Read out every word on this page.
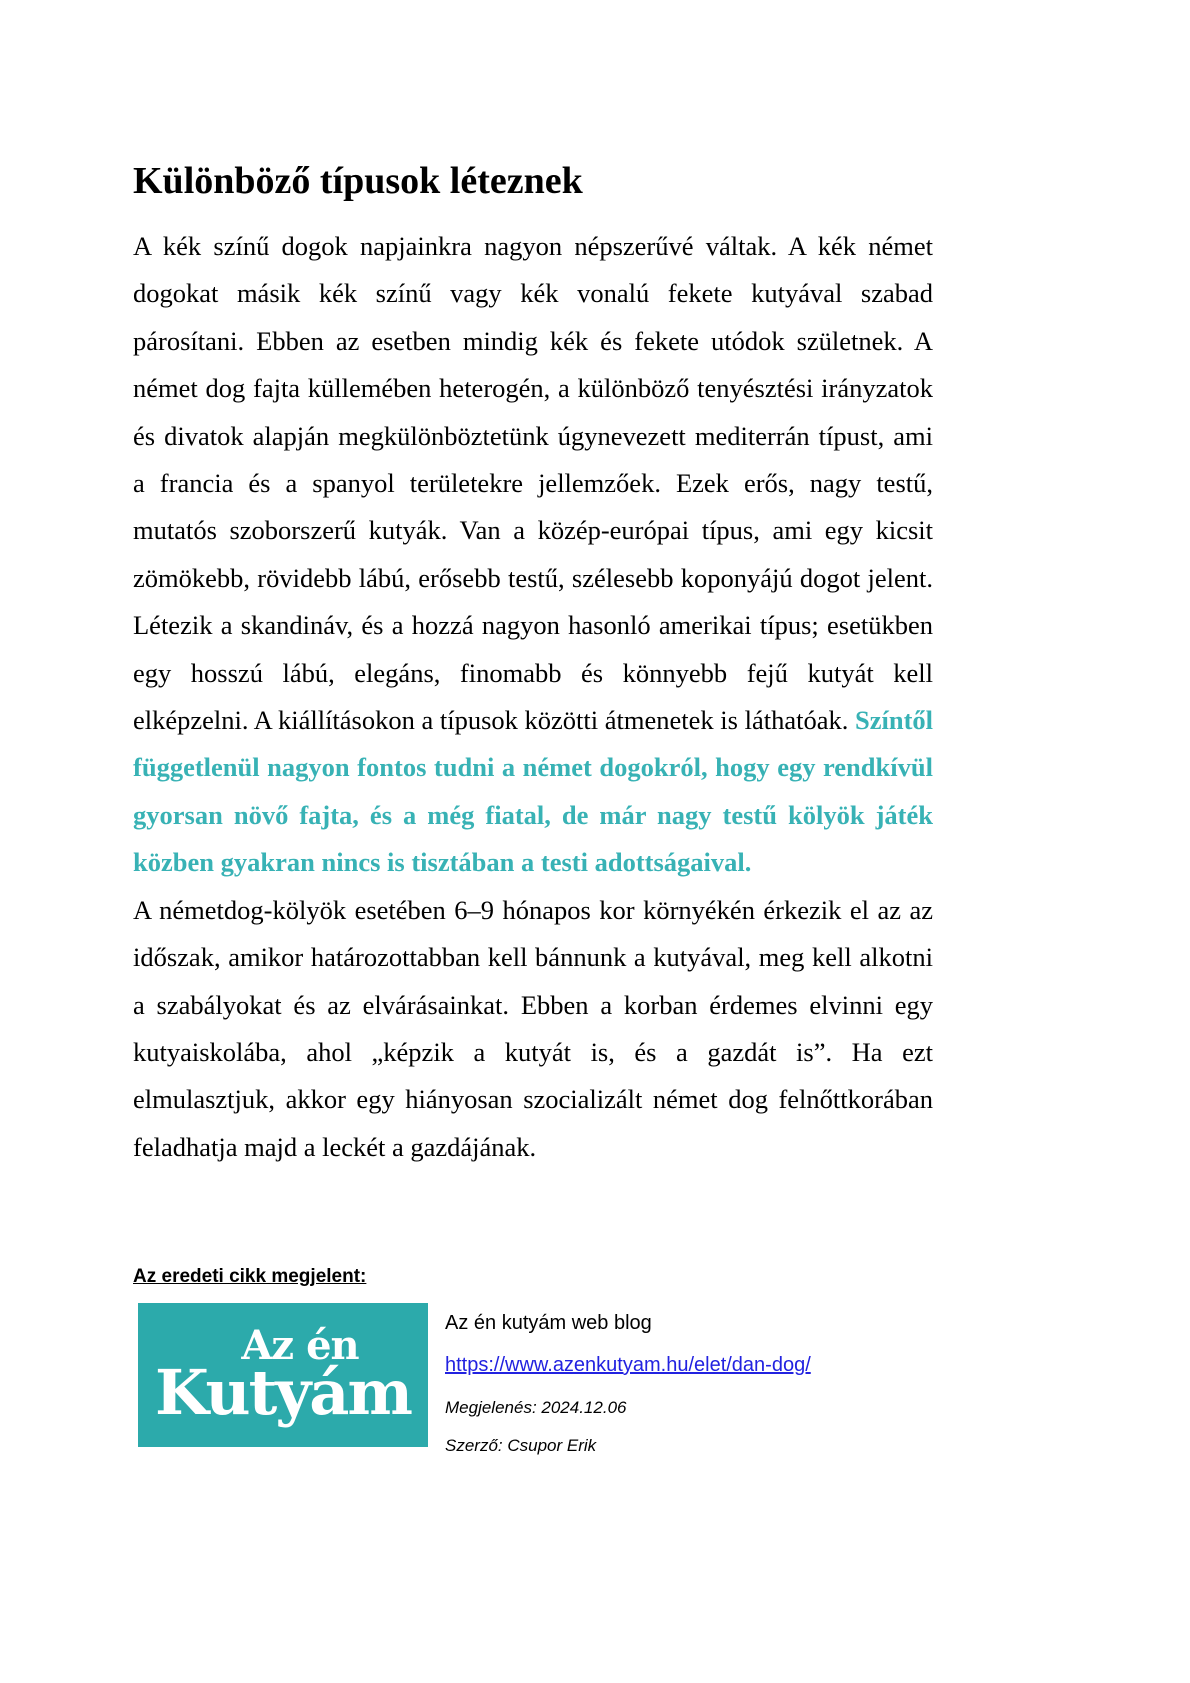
Különböző típusok léteznek

A kék színű dogok napjainkra nagyon népszerűvé váltak. A kék német dogokat másik kék színű vagy kék vonalú fekete kutyával szabad párosítani. Ebben az esetben mindig kék és fekete utódok születnek. A német dog fajta küllemében heterogén, a különböző tenyésztési irányzatok és divatok alapján megkülönböztetünk úgynevezett mediterrán típust, ami a francia és a spanyol területekre jellemzőek. Ezek erős, nagy testű, mutatós szoborszerű kutyák. Van a közép-európai típus, ami egy kicsit zömökebb, rövidebb lábú, erősebb testű, szélesebb koponyájú dogot jelent. Létezik a skandináv, és a hozzá nagyon hasonló amerikai típus; esetükben egy hosszú lábú, elegáns, finomabb és könnyebb fejű kutyát kell elképzelni. A kiállításokon a típusok közötti átmenetek is láthatóak. Színtől függetlenül nagyon fontos tudni a német dogokról, hogy egy rendkívül gyorsan növő fajta, és a még fiatal, de már nagy testű kölyök játék közben gyakran nincs is tisztában a testi adottságaival.

A németdog-kölyök esetében 6–9 hónapos kor környékén érkezik el az az időszak, amikor határozottabban kell bánnunk a kutyával, meg kell alkotni a szabályokat és az elvárásainkat. Ebben a korban érdemes elvinni egy kutyaiskolába, ahol „képzik a kutyát is, és a gazdát is”. Ha ezt elmulasztjuk, akkor egy hiányosan szocializált német dog felnőttkorában feladhatja majd a leckét a gazdájának.

Az eredeti cikk megjelent:
Az én
Kutyám
Az én kutyám web blog
https://www.azenkutyam.hu/elet/dan-dog/
Megjelenés: 2024.12.06
Szerző: Csupor Erik
